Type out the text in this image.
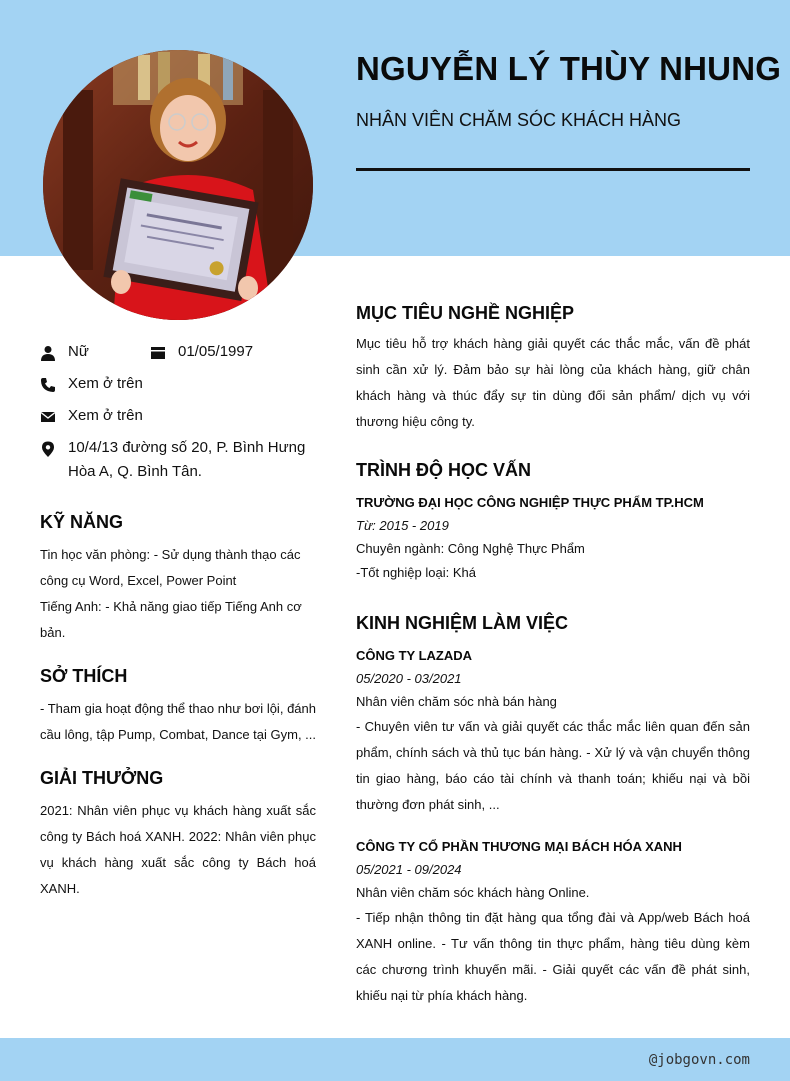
NGUYỄN LÝ THÙY NHUNG
NHÂN VIÊN CHĂM SÓC KHÁCH HÀNG
Nữ	01/05/1997
Xem ở trên
Xem ở trên
10/4/13 đường số 20, P. Bình Hưng Hòa A, Q. Bình Tân.
KỸ NĂNG
Tin học văn phòng: - Sử dụng thành thạo các công cụ Word, Excel, Power Point
Tiếng Anh: - Khả năng giao tiếp Tiếng Anh cơ bản.
SỞ THÍCH
- Tham gia hoạt động thể thao như bơi lội, đánh cầu lông, tập Pump, Combat, Dance tại Gym, ...
GIẢI THƯỞNG
2021: Nhân viên phục vụ khách hàng xuất sắc công ty Bách hoá XANH. 2022: Nhân viên phục vụ khách hàng xuất sắc công ty Bách hoá XANH.
MỤC TIÊU NGHỀ NGHIỆP
Mục tiêu hỗ trợ khách hàng giải quyết các thắc mắc, vấn đề phát sinh cần xử lý. Đảm bảo sự hài lòng của khách hàng, giữ chân khách hàng và thúc đẩy sự tin dùng đối sản phẩm/ dịch vụ với thương hiệu công ty.
TRÌNH ĐỘ HỌC VẤN
TRƯỜNG ĐẠI HỌC CÔNG NGHIỆP THỰC PHẨM TP.HCM
Từ: 2015 - 2019
Chuyên ngành: Công Nghệ Thực Phẩm
-Tốt nghiệp loại: Khá
KINH NGHIỆM LÀM VIỆC
CÔNG TY LAZADA
05/2020 - 03/2021
Nhân viên chăm sóc nhà bán hàng
- Chuyên viên tư vấn và giải quyết các thắc mắc liên quan đến sản phẩm, chính sách và thủ tục bán hàng. - Xử lý và vận chuyển thông tin giao hàng, báo cáo tài chính và thanh toán; khiếu nại và bồi thường đơn phát sinh, ...
CÔNG TY CỔ PHẦN THƯƠNG MẠI BÁCH HÓA XANH
05/2021 - 09/2024
Nhân viên chăm sóc khách hàng Online.
- Tiếp nhận thông tin đặt hàng qua tổng đài và App/web Bách hoá XANH online. - Tư vấn thông tin thực phẩm, hàng tiêu dùng kèm các chương trình khuyến mãi. - Giải quyết các vấn đề phát sinh, khiếu nại từ phía khách hàng.
@jobgovn.com
